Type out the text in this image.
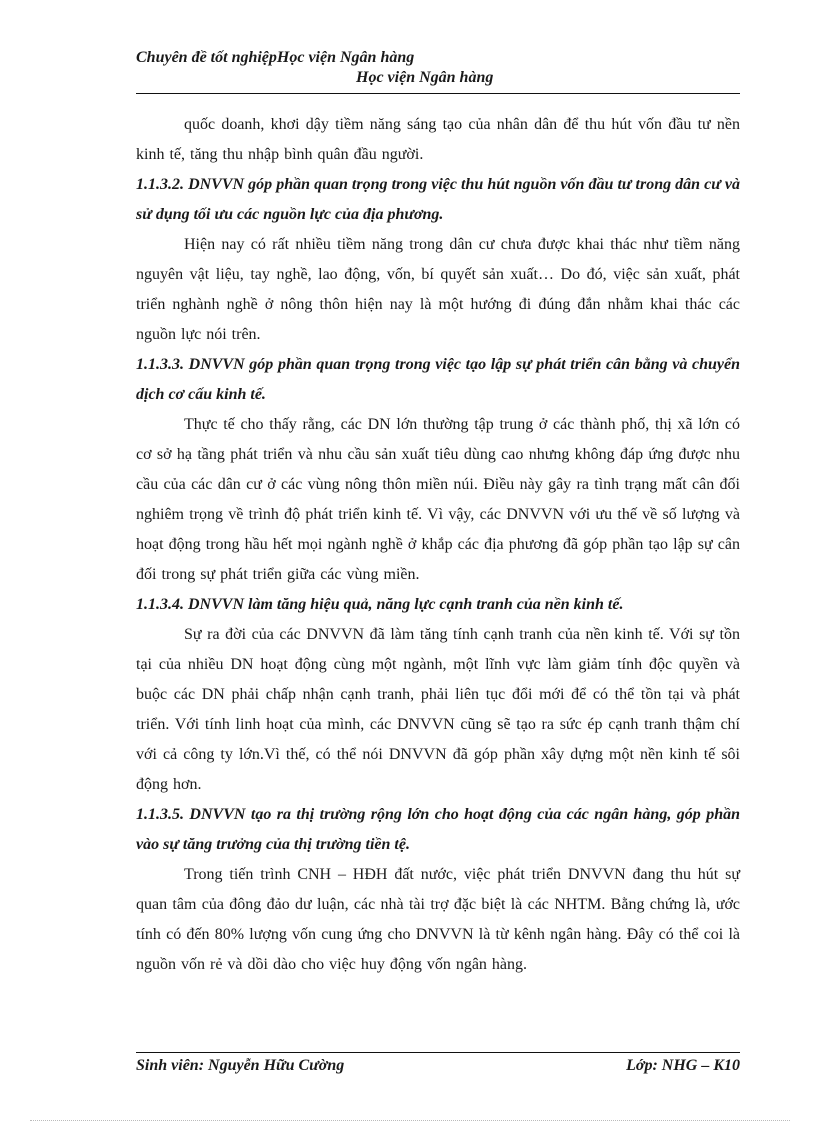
Chuyên đề tốt nghiệpHọc viện Ngân hàng
Học viện Ngân hàng

quốc doanh, khơi dậy tiềm năng sáng tạo của nhân dân để thu hút vốn đầu tư nền kinh tế, tăng thu nhập bình quân đầu người.

1.1.3.2. DNVVN góp phần quan trọng trong việc thu hút nguồn vốn đầu tư trong dân cư và sử dụng tối ưu các nguồn lực của địa phương.

Hiện nay có rất nhiều tiềm năng trong dân cư chưa được khai thác như tiềm năng nguyên vật liệu, tay nghề, lao động, vốn, bí quyết sản xuất… Do đó, việc sản xuất, phát triển nghành nghề ở nông thôn hiện nay là một hướng đi đúng đắn nhằm khai thác các nguồn lực nói trên.

1.1.3.3. DNVVN góp phần quan trọng trong việc tạo lập sự phát triển cân bằng và chuyển dịch cơ cấu kinh tế.

Thực tế cho thấy rằng, các DN lớn thường tập trung ở các thành phố, thị xã lớn có cơ sở hạ tầng phát triển và nhu cầu sản xuất tiêu dùng cao nhưng không đáp ứng được nhu cầu của các dân cư ở các vùng nông thôn miền núi. Điều này gây ra tình trạng mất cân đối nghiêm trọng về trình độ phát triển kinh tế. Vì vậy, các DNVVN với ưu thế về số lượng và hoạt động trong hầu hết mọi ngành nghề ở khắp các địa phương đã góp phần tạo lập sự cân đối trong sự phát triển giữa các vùng miền.

1.1.3.4. DNVVN làm tăng hiệu quả, năng lực cạnh tranh của nền kinh tế.

Sự ra đời của các DNVVN đã làm tăng tính cạnh tranh của nền kinh tế. Với sự tồn tại của nhiều DN hoạt động cùng một ngành, một lĩnh vực làm giảm tính độc quyền và buộc các DN phải chấp nhận cạnh tranh, phải liên tục đổi mới để có thể tồn tại và phát triển. Với tính linh hoạt của mình, các DNVVN cũng sẽ tạo ra sức ép cạnh tranh thậm chí với cả công ty lớn.Vì thế, có thể nói DNVVN đã góp phần xây dựng một nền kinh tế sôi động hơn.

1.1.3.5. DNVVN tạo ra thị trường rộng lớn cho hoạt động của các ngân hàng, góp phần vào sự tăng trưởng của thị trường tiền tệ.

Trong tiến trình CNH – HĐH đất nước, việc phát triển DNVVN đang thu hút sự quan tâm của đông đảo dư luận, các nhà tài trợ đặc biệt là các NHTM. Bằng chứng là, ước tính có đến 80% lượng vốn cung ứng cho DNVVN là từ kênh ngân hàng. Đây có thể coi là nguồn vốn rẻ và dồi dào cho việc huy động vốn ngân hàng.

Sinh viên: Nguyễn Hữu Cường	Lớp: NHG – K10
